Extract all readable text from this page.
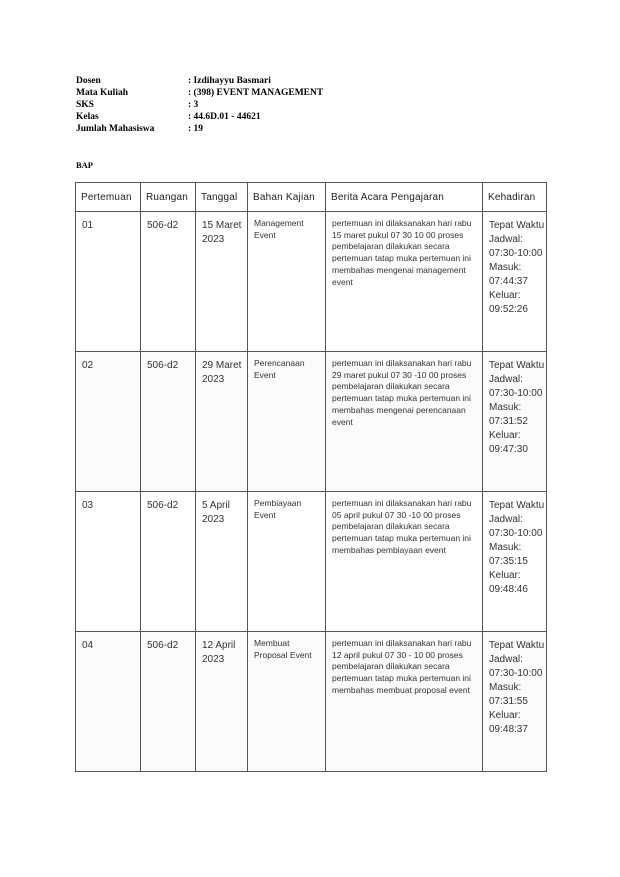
Dosen	: Izdihayyu Basmari
Mata Kuliah	: (398) EVENT MANAGEMENT
SKS	: 3
Kelas	: 44.6D.01 - 44621
Jumlah Mahasiswa	: 19
BAP
Pertemuan	Ruangan	Tanggal	Bahan Kajian	Berita Acara Pengajaran	Kehadiran
01	506-d2	15 Maret 2023	Management Event	pertemuan ini dilaksanakan hari rabu 15 maret pukul 07 30 10 00 proses pembelajaran dilakukan secara pertemuan tatap muka pertemuan ini membahas mengenai management event	Tepat Waktu
Jadwal: 07:30-10:00
Masuk: 07:44:37
Keluar: 09:52:26

02	506-d2	29 Maret 2023	Perencanaan Event	pertemuan ini dilaksanakan hari rabu 29 maret pukul 07 30 -10 00 proses pembelajaran dilakukan secara pertemuan tatap muka pertemuan ini membahas mengenai perencanaan event	Tepat Waktu
Jadwal: 07:30-10:00
Masuk: 07:31:52
Keluar: 09:47:30

03	506-d2	5 April 2023	Pembiayaan Event	pertemuan ini dilaksanakan hari rabu 05 april pukul 07 30 -10 00 proses pembelajaran dilakukan secara pertemuan tatap muka pertemuan ini membahas pembiayaan event	Tepat Waktu
Jadwal: 07:30-10:00
Masuk: 07:35:15
Keluar: 09:48:46

04	506-d2	12 April 2023	Membuat Proposal Event	pertemuan ini dilaksanakan hari rabu 12 april pukul 07 30 - 10 00 proses pembelajaran dilakukan secara pertemuan tatap muka pertemuan ini membahas membuat proposal event	Tepat Waktu
Jadwal: 07:30-10:00
Masuk: 07:31:55
Keluar: 09:48:37
